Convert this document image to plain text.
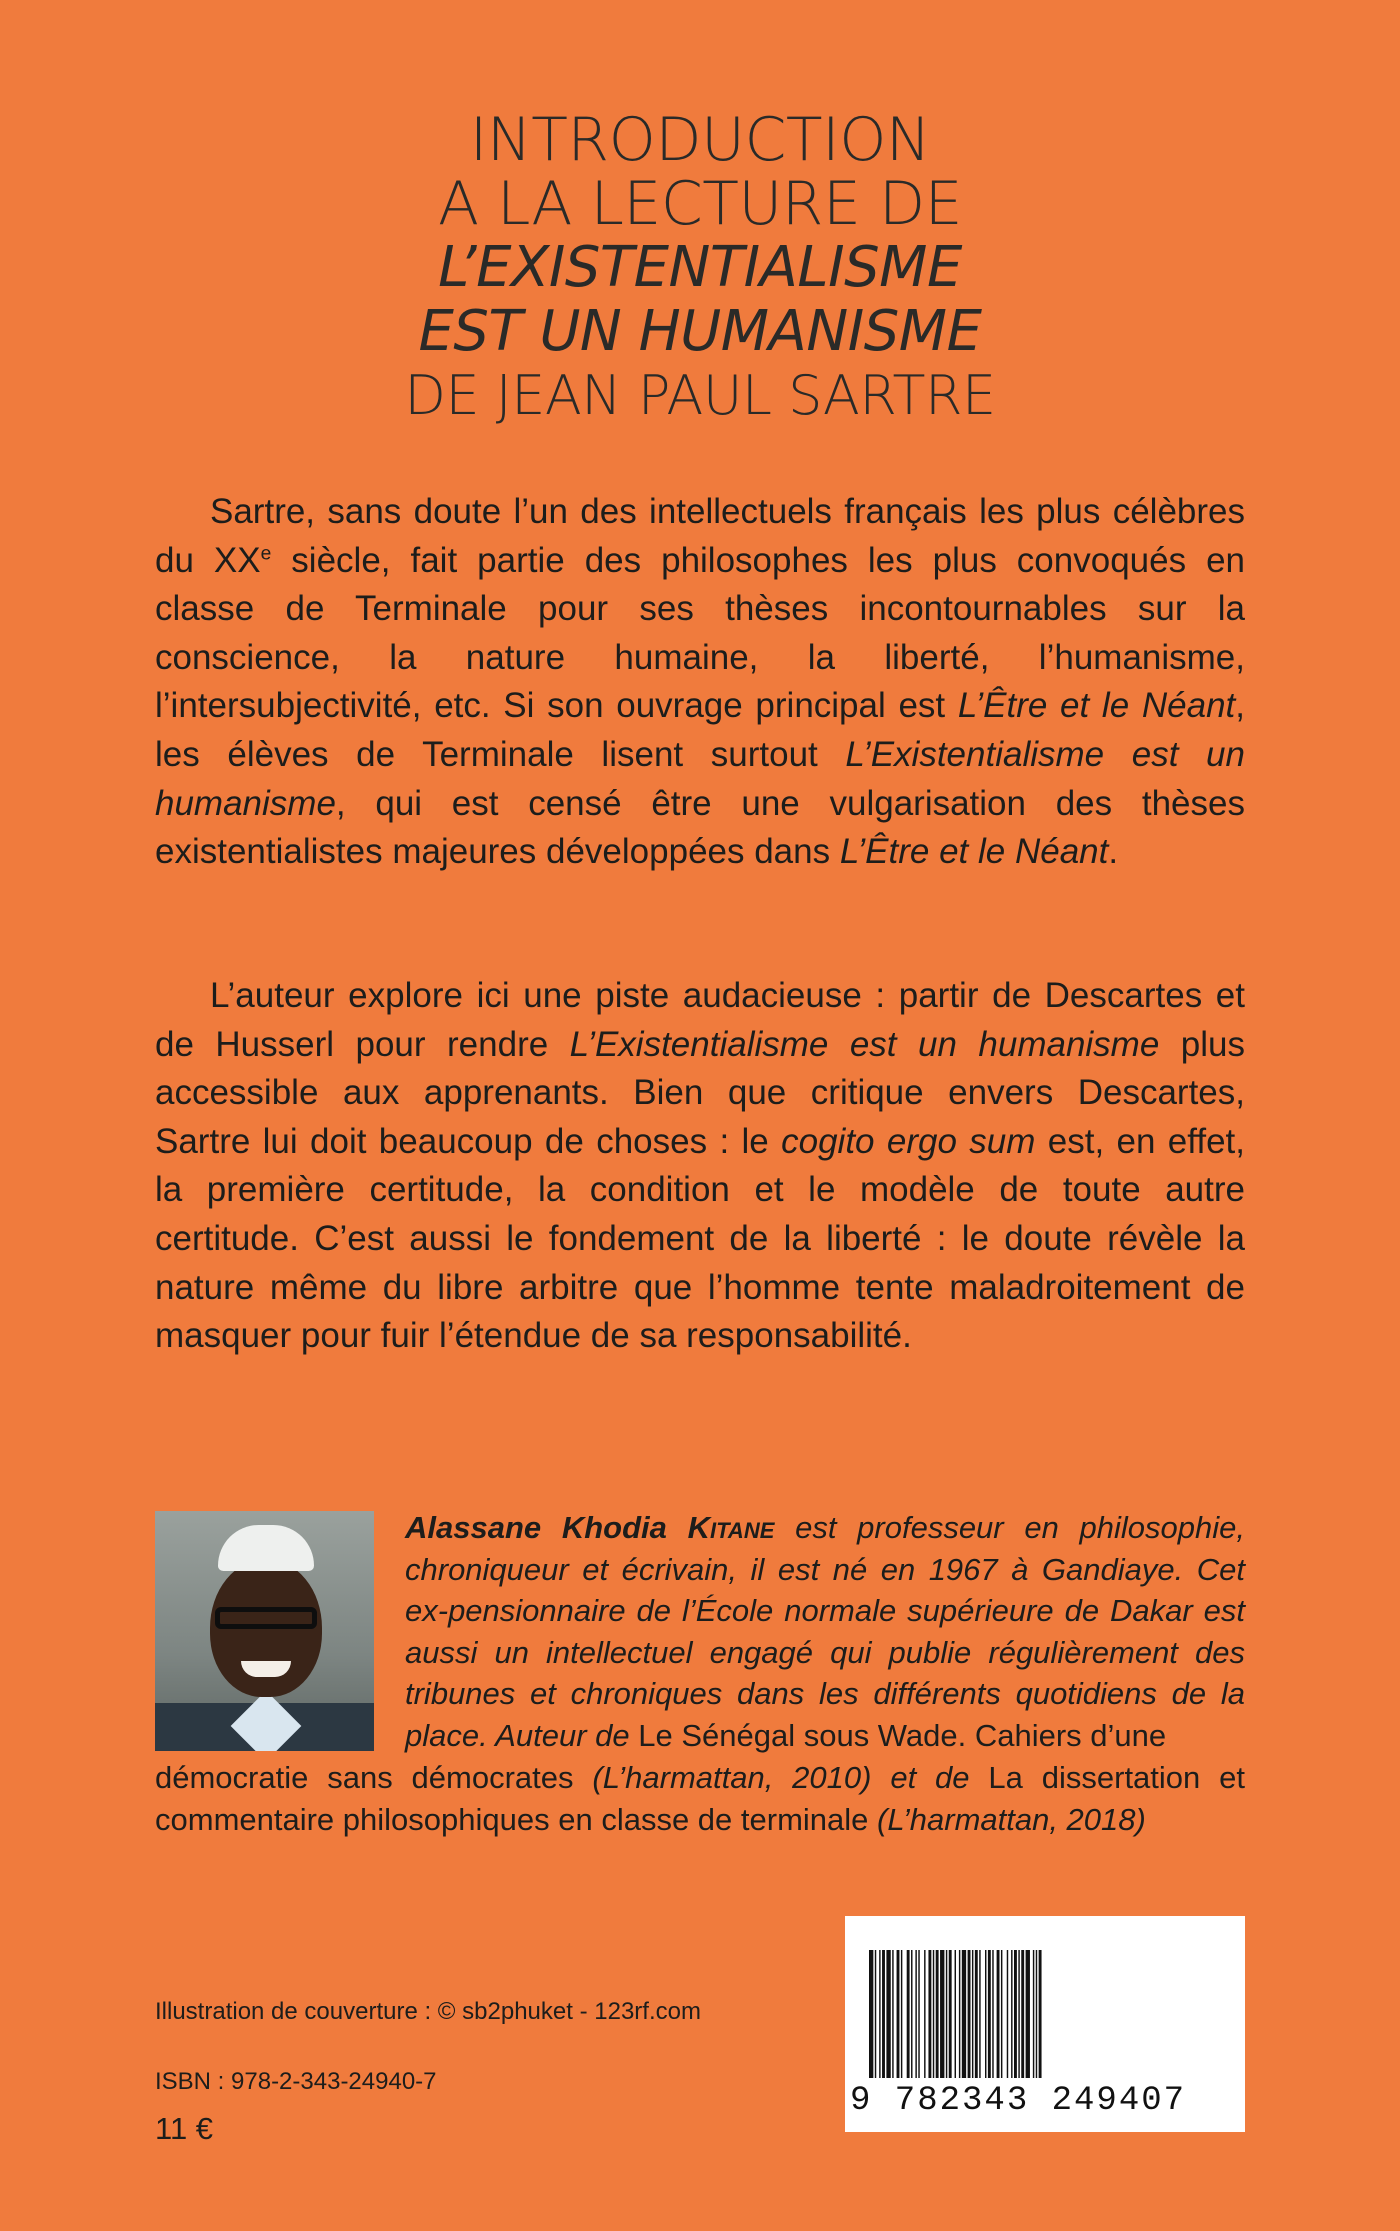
INTRODUCTION
A LA LECTURE DE
L’EXISTENTIALISME
EST UN HUMANISME
DE JEAN PAUL SARTRE

Sartre, sans doute l’un des intellectuels français les plus célèbres du XXe siècle, fait partie des philosophes les plus convoqués en classe de Terminale pour ses thèses incontournables sur la conscience, la nature humaine, la liberté, l’humanisme, l’intersubjectivité, etc. Si son ouvrage principal est L’Être et le Néant, les élèves de Terminale lisent surtout L’Existentialisme est un humanisme, qui est censé être une vulgarisation des thèses existentialistes majeures développées dans L’Être et le Néant.

L’auteur explore ici une piste audacieuse : partir de Descartes et de Husserl pour rendre L’Existentialisme est un humanisme plus accessible aux apprenants. Bien que critique envers Descartes, Sartre lui doit beaucoup de choses : le cogito ergo sum est, en effet, la première certitude, la condition et le modèle de toute autre certitude. C’est aussi le fondement de la liberté : le doute révèle la nature même du libre arbitre que l’homme tente maladroitement de masquer pour fuir l’étendue de sa responsabilité.

Alassane Khodia Kitane est professeur en philosophie, chroniqueur et écrivain, il est né en 1967 à Gandiaye. Cet ex-pensionnaire de l’École normale supérieure de Dakar est aussi un intellectuel engagé qui publie régulièrement des tribunes et chroniques dans les différents quotidiens de la place. Auteur de Le Sénégal sous Wade. Cahiers d’une

démocratie sans démocrates (L’harmattan, 2010) et de La dissertation et commentaire philosophiques en classe de terminale (L’harmattan, 2018)

Illustration de couverture : © sb2phuket - 123rf.com
ISBN : 978-2-343-24940-7
11 €
9 782343 249407
